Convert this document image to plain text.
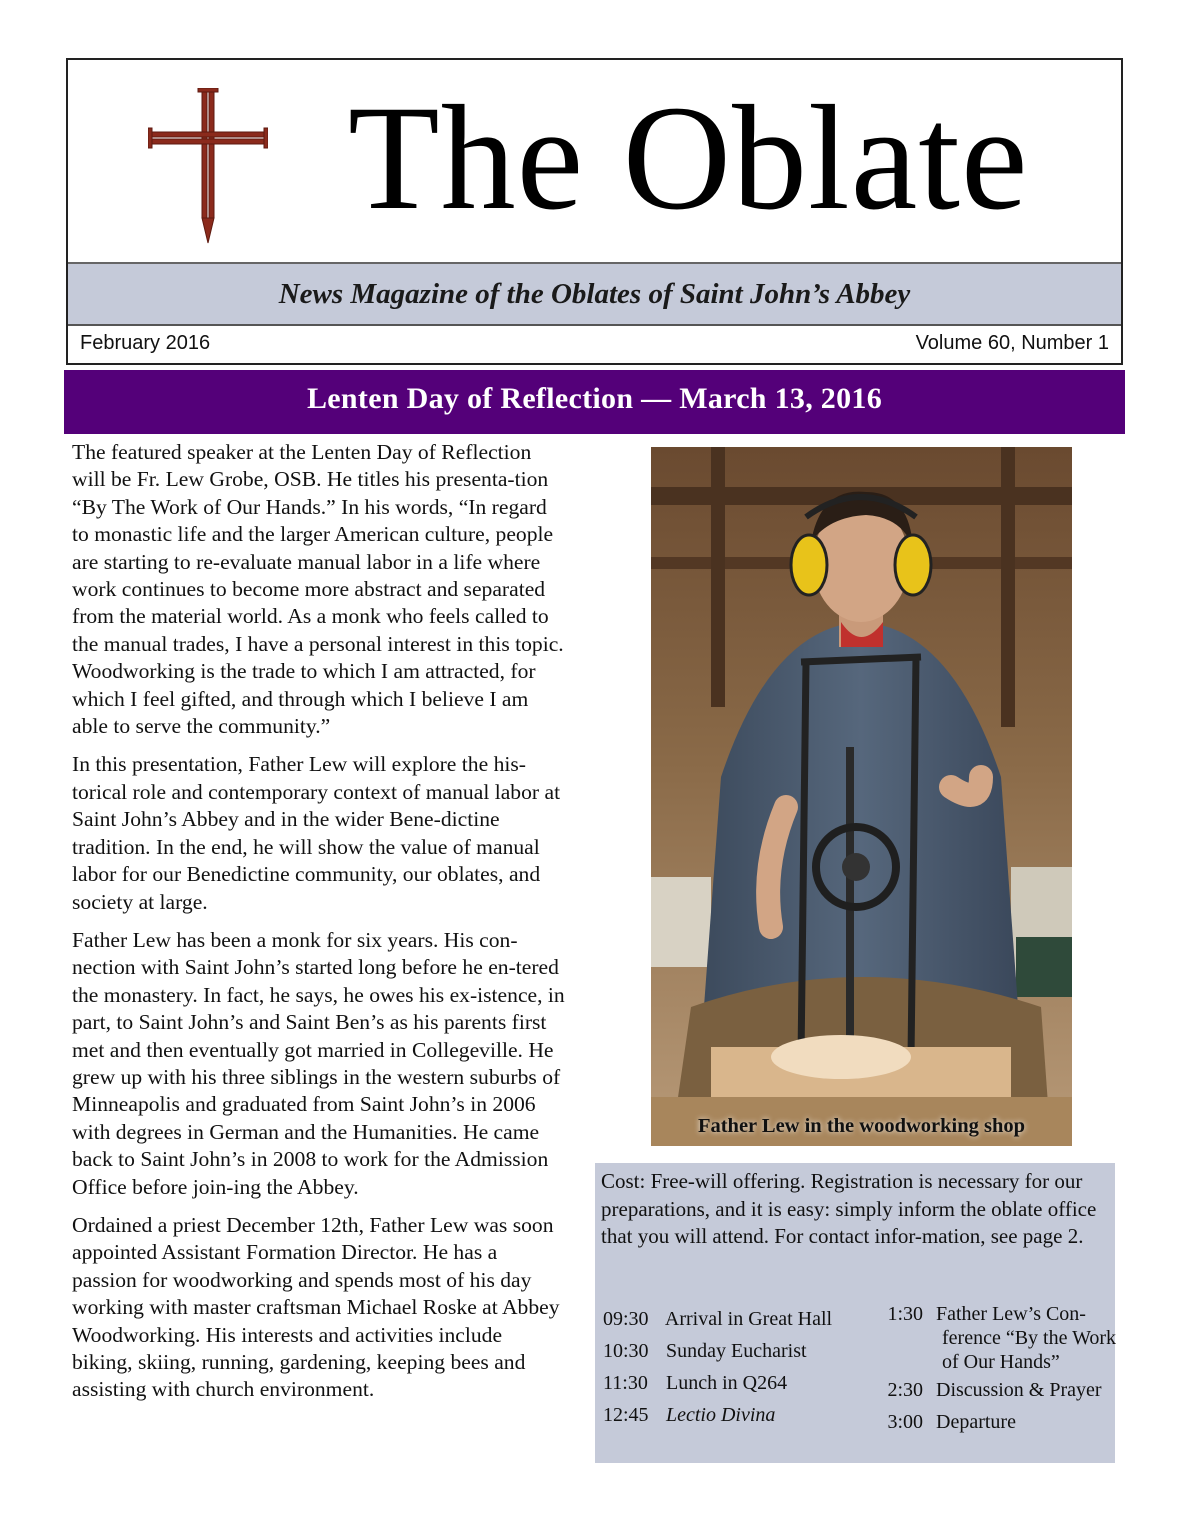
The Oblate
News Magazine of the Oblates of Saint John’s Abbey
February 2016	Volume 60, Number 1
Lenten Day of Reflection — March 13, 2016

The featured speaker at the Lenten Day of Reflection will be Fr. Lew Grobe, OSB. He titles his presenta-tion “By The Work of Our Hands.” In his words, “In regard to monastic life and the larger American culture, people are starting to re-evaluate manual labor in a life where work continues to become more abstract and separated from the material world. As a monk who feels called to the manual trades, I have a personal interest in this topic. Woodworking is the trade to which I am attracted, for which I feel gifted, and through which I believe I am able to serve the community.”

In this presentation, Father Lew will explore the his-torical role and contemporary context of manual labor at Saint John’s Abbey and in the wider Bene-dictine tradition. In the end, he will show the value of manual labor for our Benedictine community, our oblates, and society at large.

Father Lew has been a monk for six years. His con-nection with Saint John’s started long before he en-tered the monastery. In fact, he says, he owes his ex-istence, in part, to Saint John’s and Saint Ben’s as his parents first met and then eventually got married in Collegeville. He grew up with his three siblings in the western suburbs of Minneapolis and graduated from Saint John’s in 2006 with degrees in German and the Humanities. He came back to Saint John’s in 2008 to work for the Admission Office before join-ing the Abbey.

Ordained a priest December 12th, Father Lew was soon appointed Assistant Formation Director. He has a passion for woodworking and spends most of his day working with master craftsman Michael Roske at Abbey Woodworking. His interests and activities include biking, skiing, running, gardening, keeping bees and assisting with church environment.

Father Lew in the woodworking shop

Cost: Free-will offering. Registration is necessary for our preparations, and it is easy: simply inform the oblate office that you will attend. For contact infor-mation, see page 2.

09:30 Arrival in Great Hall
10:30 Sunday Eucharist
11:30 Lunch in Q264
12:45 Lectio Divina
1:30 Father Lew’s Con-
ference “By the Work
of Our Hands”
2:30 Discussion & Prayer
3:00 Departure
